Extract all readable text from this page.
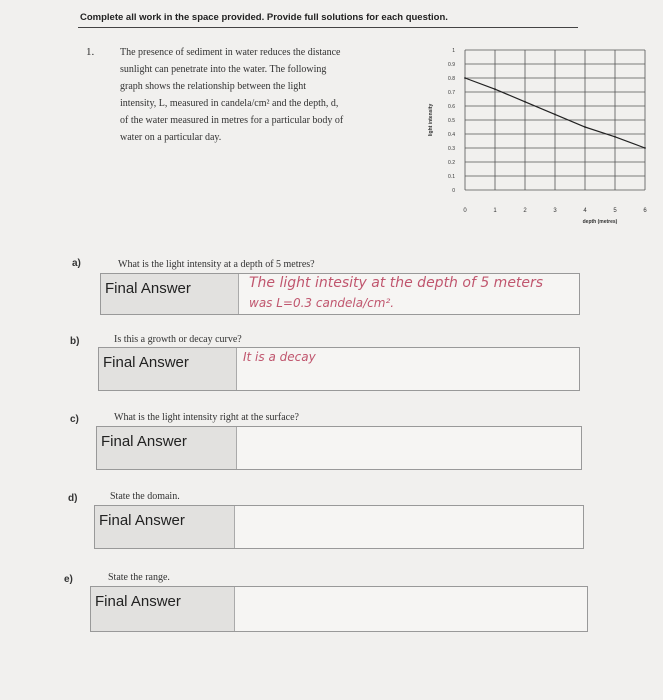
Complete all work in the space provided. Provide full solutions for each question.
1.	The presence of sediment in water reduces the distance
sunlight can penetrate into the water. The following
graph shows the relationship between the light
intensity, L, measured in candela/cm² and the depth, d,
of the water measured in metres for a particular body of
water on a particular day.
0	1	2	3	4	5	6
0
0.1
0.2
0.3
0.4
0.5
0.6
0.7
0.8
0.9
1
depth (metres)
light intensity
a)	What is the light intensity at a depth of 5 metres?
Final Answer	The light intesity at the depth of 5 meters
was L=0.3 candela/cm².
b)	Is this a growth or decay curve?
Final Answer	It is a decay
c)	What is the light intensity right at the surface?
Final Answer
d)	State the domain.
Final Answer
e)	State the range.
Final Answer
